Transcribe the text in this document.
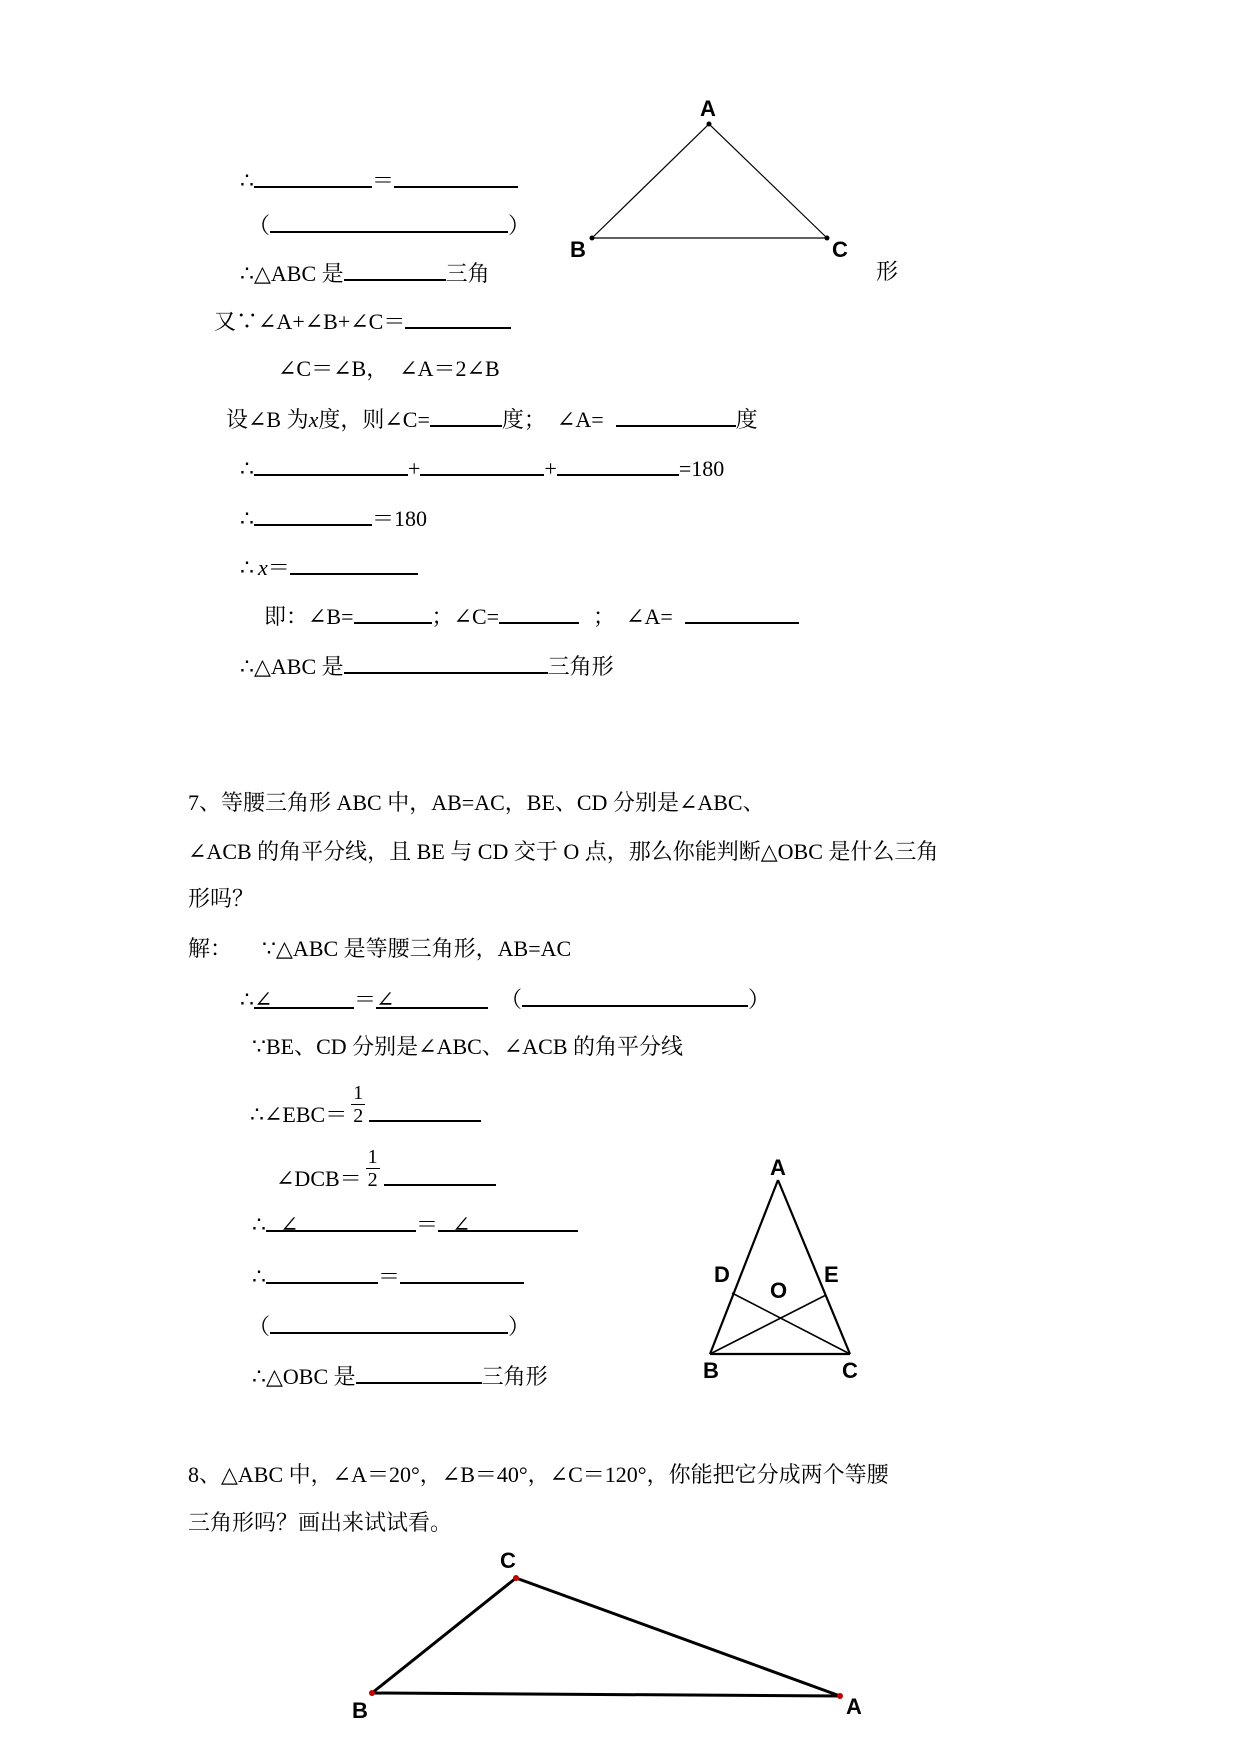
A
B	C
∴	＝
（	）
∴△ABC 是	三角	形
又∵∠A+∠B+∠C＝
∠C＝∠B，　∠A＝2∠B
设∠B 为x度，则∠C=	度；　∠A=	度
∴	+	+	=180
∴	＝180
∴ x＝
即：∠B=	；∠C=	；　∠A=
∴△ABC 是	三角形
7、等腰三角形 ABC 中，AB=AC，BE、CD 分别是∠ABC、
∠ACB 的角平分线，且 BE 与 CD 交于 O 点，那么你能判断△OBC 是什么三角
形吗？
解： ∵△ABC 是等腰三角形，AB=AC
∴∠	＝∠	（	）
∵BE、CD 分别是∠ABC、∠ACB 的角平分线
∴∠EBC＝ $\frac{1}{2}$
∠DCB＝ $\frac{1}{2}$
∴ ∠	＝ ∠
∴	＝
（	）
∴△OBC 是	三角形
A
B	C
D	E
O
8、△ABC 中，∠A＝20°，∠B＝40°，∠C＝120°，你能把它分成两个等腰
三角形吗？画出来试试看。
C
B	A
